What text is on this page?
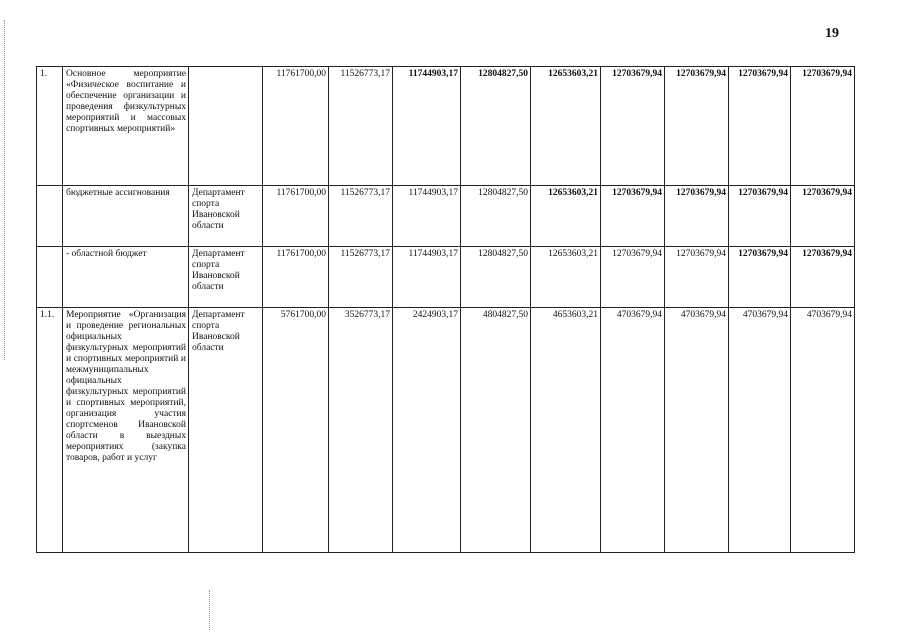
19
1.	Основное мероприятие «Физическое воспитание и обеспечение организации и проведения физкультурных мероприятий и массовых спортивных мероприятий»		11761700,00	11526773,17	11744903,17	12804827,50	12653603,21	12703679,94	12703679,94	12703679,94	12703679,94
	бюджетные ассигнования	Департамент спорта Ивановской области	11761700,00	11526773,17	11744903,17	12804827,50	12653603,21	12703679,94	12703679,94	12703679,94	12703679,94
	- областной бюджет	Департамент спорта Ивановской области	11761700,00	11526773,17	11744903,17	12804827,50	12653603,21	12703679,94	12703679,94	12703679,94	12703679,94
1.1.	Мероприятие «Организация и проведение региональных официальных физкультурных мероприятий и спортивных мероприятий и межмуниципальных официальных физкультурных мероприятий и спортивных мероприятий, организация участия спортсменов Ивановской области в выездных мероприятиях (закупка товаров, работ и услуг	Департамент спорта Ивановской области	5761700,00	3526773,17	2424903,17	4804827,50	4653603,21	4703679,94	4703679,94	4703679,94	4703679,94
